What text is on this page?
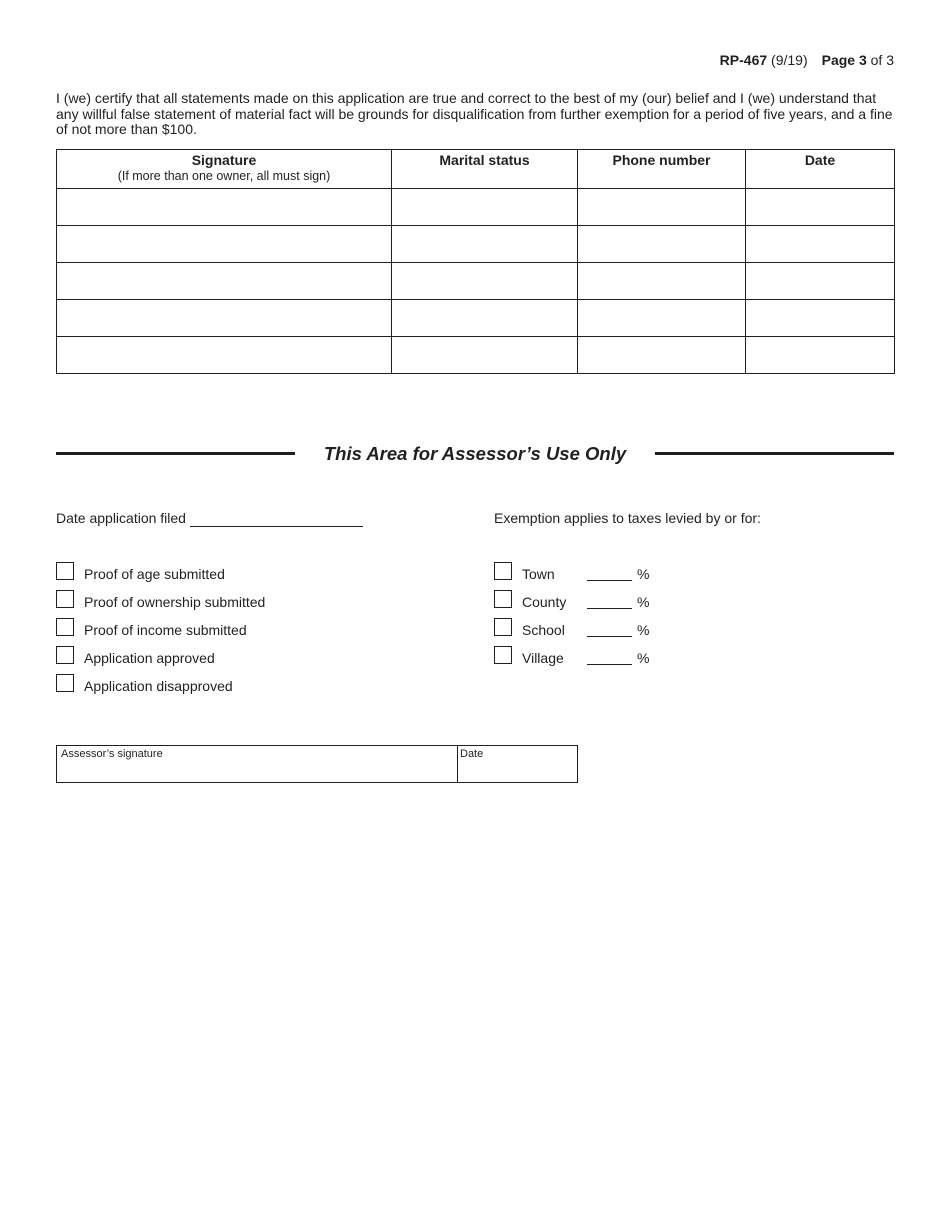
RP-467 (9/19) Page 3 of 3
I (we) certify that all statements made on this application are true and correct to the best of my (our) belief and I (we) understand that any willful false statement of material fact will be grounds for disqualification from further exemption for a period of five years, and a fine of not more than $100.
Signature
(If more than one owner, all must sign)	Marital status	Phone number	Date

This Area for Assessor’s Use Only
Date application filed	Exemption applies to taxes levied by or for:
Proof of age submitted
Proof of ownership submitted
Proof of income submitted
Application approved
Application disapproved
Town	%
County	%
School	%
Village	%
Assessor’s signature	Date
